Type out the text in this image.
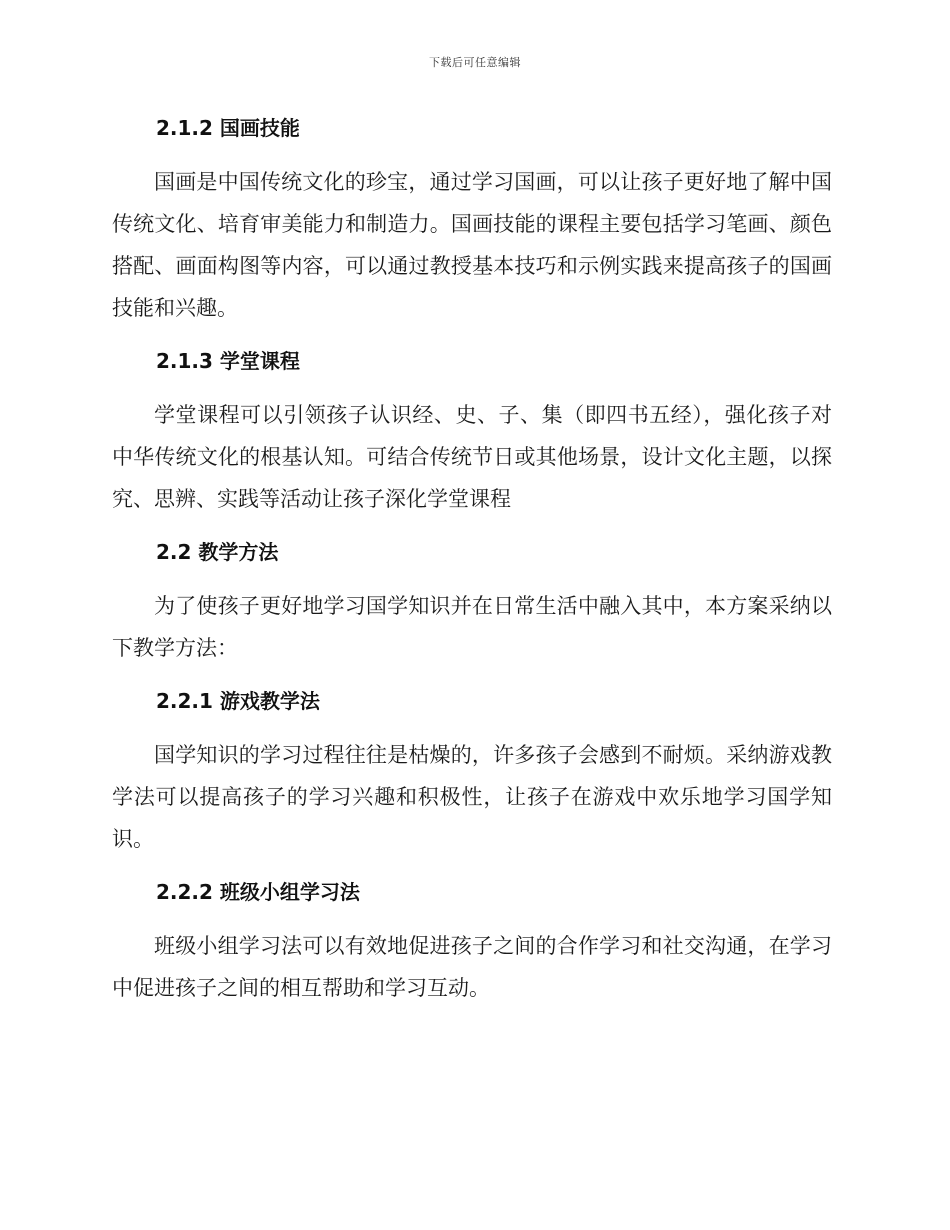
下载后可任意编辑
2.1.2 国画技能

国画是中国传统文化的珍宝，通过学习国画，可以让孩子更好地了解中国传统文化、培育审美能力和制造力。国画技能的课程主要包括学习笔画、颜色搭配、画面构图等内容，可以通过教授基本技巧和示例实践来提高孩子的国画技能和兴趣。

2.1.3 学堂课程

学堂课程可以引领孩子认识经、史、子、集（即四书五经），强化孩子对中华传统文化的根基认知。可结合传统节日或其他场景，设计文化主题，以探究、思辨、实践等活动让孩子深化学堂课程

2.2 教学方法

为了使孩子更好地学习国学知识并在日常生活中融入其中，本方案采纳以下教学方法：

2.2.1 游戏教学法

国学知识的学习过程往往是枯燥的，许多孩子会感到不耐烦。采纳游戏教学法可以提高孩子的学习兴趣和积极性，让孩子在游戏中欢乐地学习国学知识。

2.2.2 班级小组学习法

班级小组学习法可以有效地促进孩子之间的合作学习和社交沟通，在学习中促进孩子之间的相互帮助和学习互动。
